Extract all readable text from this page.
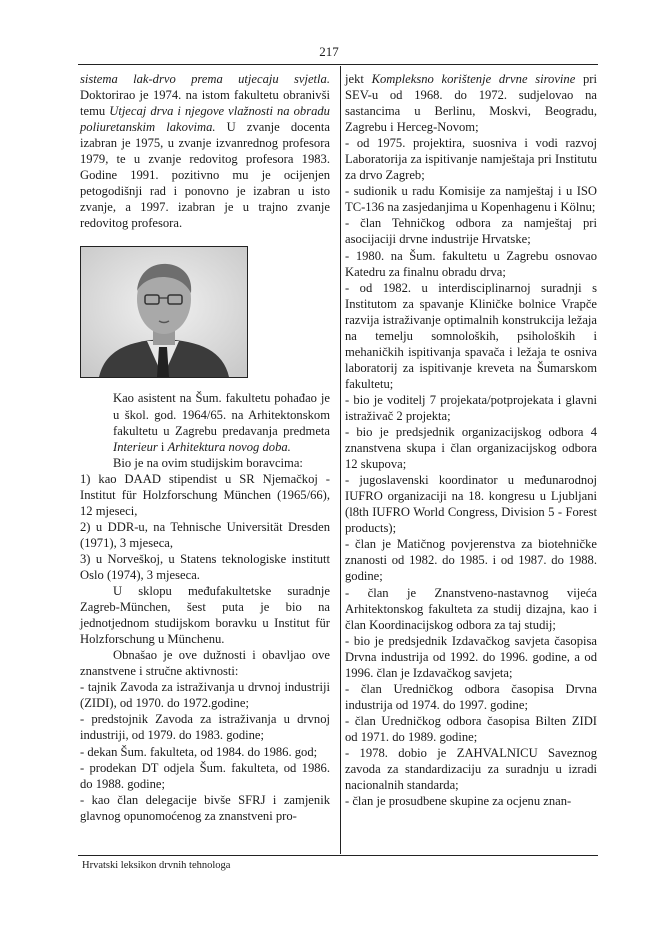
217

sistema lak-drvo prema utjecaju svjetla. Doktorirao je 1974. na istom fakultetu obranivši temu Utjecaj drva i njegove vlažnosti na obradu poliuretanskim lakovima. U zvanje docenta izabran je 1975, u zvanje izvanrednog profesora 1979, te u zvanje redovitog profesora 1983. Godine 1991. pozitivno mu je ocijenjen petogodišnji rad i ponovno je izabran u isto zvanje, a 1997. izabran je u trajno zvanje redovitog profesora.

Kao asistent na Šum. fakultetu pohađao je u škol. god. 1964/65. na Arhitektonskom fakultetu u Zagrebu predavanja predmeta Interieur i Arhitektura novog doba.

Bio je na ovim studijskim boravcima:

1) kao DAAD stipendist u SR Njemačkoj - Institut für Holzforschung München (1965/66), 12 mjeseci,

2) u DDR-u, na Tehnische Universität Dresden (1971), 3 mjeseca,

3) u Norveškoj, u Statens teknologiske institutt Oslo (1974), 3 mjeseca.

U sklopu međufakultetske suradnje Zagreb-München, šest puta je bio na jednotjednom studijskom boravku u Institut für Holzforschung u Münchenu.

Obnašao je ove dužnosti i obavljao ove znanstvene i stručne aktivnosti:

- tajnik Zavoda za istraživanja u drvnoj industriji (ZIDI), od 1970. do 1972.godine;

- predstojnik Zavoda za istraživanja u drvnoj industriji, od 1979. do 1983. godine;

- dekan Šum. fakulteta, od 1984. do 1986. god;

- prodekan DT odjela Šum. fakulteta, od 1986. do 1988. godine;

- kao član delegacije bivše SFRJ i zamjenik glavnog opunomoćenog za znanstveni pro-

jekt Kompleksno korištenje drvne sirovine pri SEV-u od 1968. do 1972. sudjelovao na sastancima u Berlinu, Moskvi, Beogradu, Zagrebu i Herceg-Novom;

- od 1975. projektira, suosniva i vodi razvoj Laboratorija za ispitivanje namještaja pri Institutu za drvo Zagreb;

- sudionik u radu Komisije za namještaj i u ISO TC-136 na zasjedanjima u Kopenhagenu i Kölnu;

- član Tehničkog odbora za namještaj pri asocijaciji drvne industrije Hrvatske;

- 1980. na Šum. fakultetu u Zagrebu osnovao Katedru za finalnu obradu drva;

- od 1982. u interdisciplinarnoj suradnji s Institutom za spavanje Kliničke bolnice Vrapče razvija istraživanje optimalnih konstrukcija ležaja na temelju somnoloških, psiholoških i mehaničkih ispitivanja spavača i ležaja te osniva laboratorij za ispitivanje kreveta na Šumarskom fakultetu;

- bio je voditelj 7 projekata/potprojekata i glavni istraživač 2 projekta;

- bio je predsjednik organizacijskog odbora 4 znanstvena skupa i član organizacijskog odbora 12 skupova;

- jugoslavenski koordinator u međunarodnoj IUFRO organizaciji na 18. kongresu u Ljubljani (l8th IUFRO World Congress, Division 5 - Forest products);

- član je Matičnog povjerenstva za biotehničke znanosti od 1982. do 1985. i od 1987. do 1988. godine;

- član je Znanstveno-nastavnog vijeća Arhitektonskog fakulteta za studij dizajna, kao i član Koordinacijskog odbora za taj studij;

- bio je predsjednik Izdavačkog savjeta časopisa Drvna industrija od 1992. do 1996. godine, a od 1996. član je Izdavačkog savjeta;

- član Uredničkog odbora časopisa Drvna industrija od 1974. do 1997. godine;

- član Uredničkog odbora časopisa Bilten ZIDI od 1971. do 1989. godine;

- 1978. dobio je ZAHVALNICU Saveznog zavoda za standardizaciju za suradnju u izradi nacionalnih standarda;

- član je prosudbene skupine za ocjenu znan-

Hrvatski leksikon drvnih tehnologa
